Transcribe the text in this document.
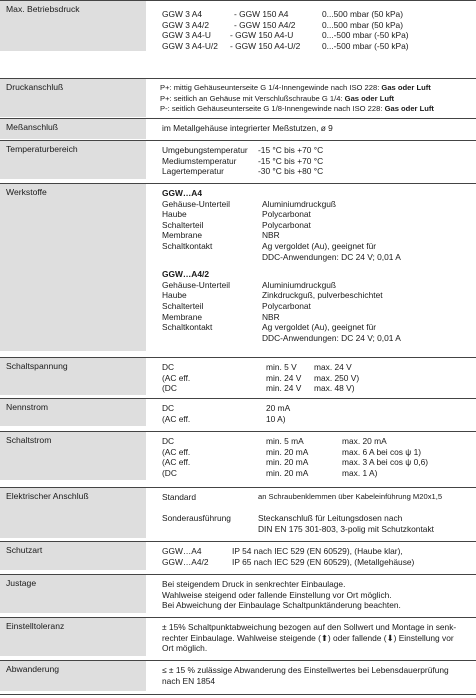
Max. Betriebsdruck	GGW 3 A4	- GGW 150 A4	0...500 mbar (50 kPa)
GGW 3 A4/2	- GGW 150 A4/2	0...500 mbar (50 kPa)
GGW 3 A4-U - GGW 150 A4-U	0...-500 mbar (-50 kPa)
GGW 3 A4-U/2 - GGW 150 A4-U/2	0...-500 mbar (-50 kPa)
Druckanschluß	P+: mittig Gehäuseunterseite G 1/4-Innengewinde nach ISO 228: Gas oder Luft
P+: seitlich an Gehäuse mit Verschlußschraube G 1/4: Gas oder Luft
P-: seitlich Gehäuseunterseite G 1/8-Innengewinde nach ISO 228: Gas oder Luft
Meßanschluß	im Metallgehäuse integrierter Meßstutzen, ø 9
Temperaturbereich	Umgebungstemperatur -15 °C bis +70 °C
Mediumstemperatur	-15 °C bis +70 °C
Lagertemperatur	-30 °C bis +80 °C
Werkstoffe	GGW…A4
Gehäuse-Unterteil	Aluminiumdruckguß
Haube	Polycarbonat
Schalterteil	Polycarbonat
Membrane	NBR
Schaltkontakt	Ag vergoldet (Au), geeignet für
DDC-Anwendungen: DC 24 V; 0,01 A
GGW…A4/2
Gehäuse-Unterteil	Aluminiumdruckguß
Haube	Zinkdruckguß, pulverbeschichtet
Schalterteil	Polycarbonat
Membrane	NBR
Schaltkontakt	Ag vergoldet (Au), geeignet für
DDC-Anwendungen: DC 24 V; 0,01 A
Schaltspannung	DC	min. 5 V max. 24 V
(AC eff.	min. 24 V max. 250 V)
(DC	min. 24 V max. 48 V)
Nennstrom	DC	20 mA
(AC eff.	10 A)
Schaltstrom	DC	min. 5 mA	max. 20 mA
(AC eff.	min. 20 mA	max. 6 A bei cos ψ 1)
(AC eff.	min. 20 mA	max. 3 A bei cos ψ 0,6)
(DC	min. 20 mA	max. 1 A)
Elektrischer Anschluß	Standard	an Schraubenklemmen über Kabeleinführung M20x1,5
Sonderausführung	Steckanschluß für Leitungsdosen nach
DIN EN 175 301-803, 3-polig mit Schutzkontakt
Schutzart	GGW…A4	IP 54 nach IEC 529 (EN 60529), (Haube klar),
GGW…A4/2	IP 65 nach IEC 529 (EN 60529), (Metallgehäuse)
Justage	Bei steigendem Druck in senkrechter Einbaulage.
Wahlweise steigend oder fallende Einstellung vor Ort möglich.
Bei Abweichung der Einbaulage Schaltpunktänderung beachten.
Einstelltoleranz	± 15% Schaltpunktabweichung bezogen auf den Sollwert und Montage in senk-
rechter Einbaulage. Wahlweise steigende (⬆) oder fallende (⬇) Einstellung vor
Ort möglich.
Abwanderung	≤ ± 15 % zulässige Abwanderung des Einstellwertes bei Lebensdauerprüfung
nach EN 1854
